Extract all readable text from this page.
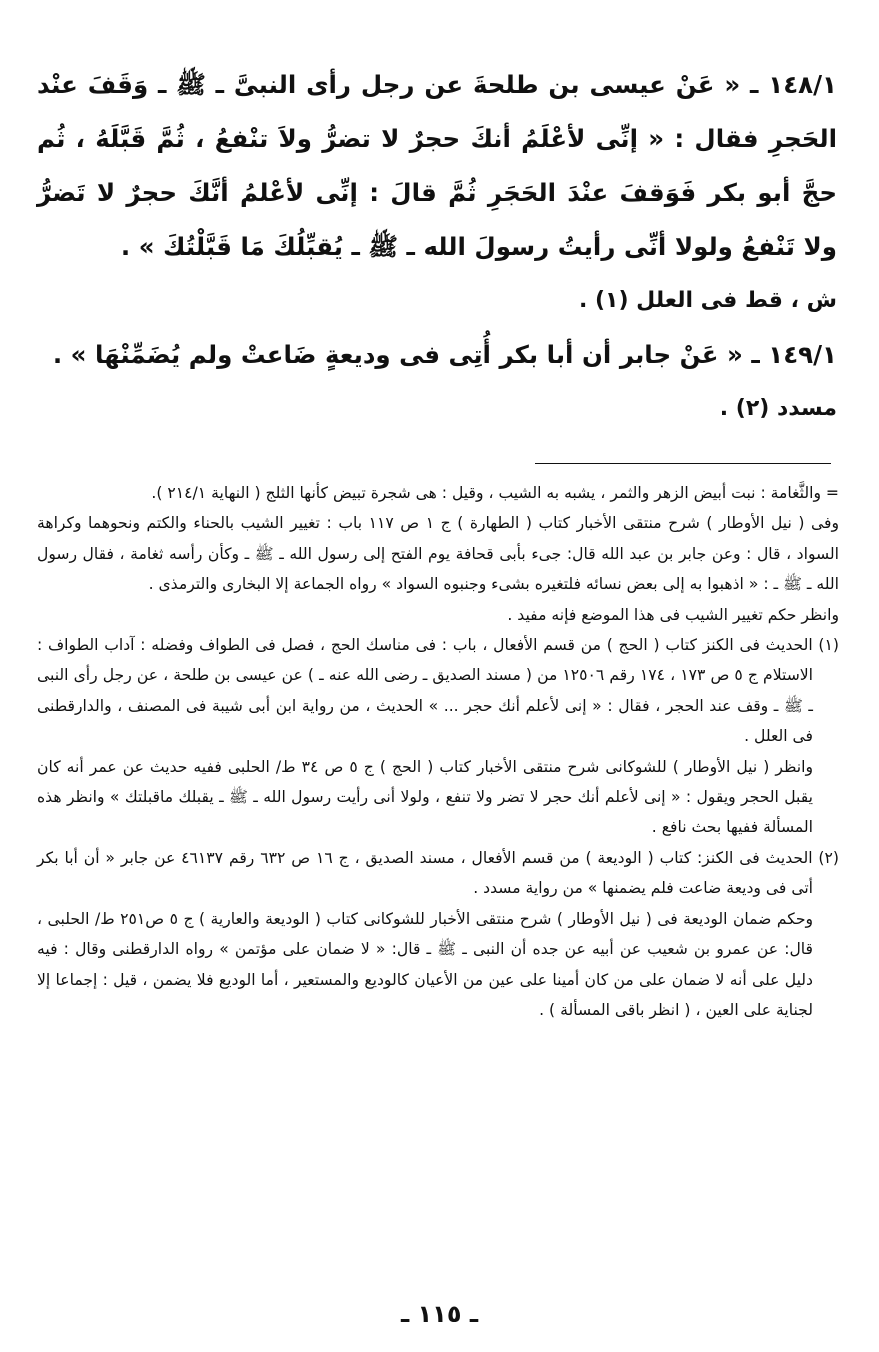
١٤٨/١ ـ « عَنْ عيسى بن طلحةَ عن رجل رأى النبىَّ ـ ﷺ ـ وَقَفَ عنْد الحَجرِ فقال : « إنِّى لأعْلَمُ أنكَ حجرٌ لا تضرُّ ولاَ تنْفعُ ، ثُمَّ قَبَّلَهُ ، ثُم حجَّ أبو بكر فَوَقفَ عنْدَ الحَجَرِ ثُمَّ قالَ : إنِّى لأعْلمُ أنَّكَ حجرٌ لا تَضرُّ ولا تَنْفعُ ولولا أنِّى رأيتُ رسولَ الله ـ ﷺ ـ يُقبِّلُكَ مَا قَبَّلْتُكَ » .

ش ، قط فى العلل (١) .

١٤٩/١ ـ « عَنْ جابر أن أبا بكر أُتِى فى وديعةٍ ضَاعتْ ولم يُضَمِّنْهَا » .

مسدد (٢) .

= والثَّغامة : نبت أبيض الزهر والثمر ، يشبه به الشيب ، وقيل : هى شجرة تبيض كأنها الثلج ( النهاية ٢١٤/١ ).

وفى ( نيل الأوطار ) شرح منتقى الأخبار كتاب ( الطهارة ) ج ١ ص ١١٧ باب : تغيير الشيب بالحناء والكتم ونحوهما وكراهة السواد ، قال : وعن جابر بن عبد الله قال: جىء بأبى قحافة يوم الفتح إلى رسول الله ـ ﷺ ـ وكأن رأسه ثغامة ، فقال رسول الله ـ ﷺ ـ : « اذهبوا به إلى بعض نسائه فلتغيره بشىء وجنبوه السواد » رواه الجماعة إلا البخارى والترمذى .

وانظر حكم تغيير الشيب فى هذا الموضع فإنه مفيد .

(١) الحديث فى الكنز كتاب ( الحج ) من قسم الأفعال ، باب : فى مناسك الحج ، فصل فى الطواف وفضله : آداب الطواف : الاستلام ج ٥ ص ١٧٣ ، ١٧٤ رقم ١٢٥٠٦ من ( مسند الصديق ـ رضى الله عنه ـ ) عن عيسى بن طلحة ، عن رجل رأى النبى ـ ﷺ ـ وقف عند الحجر ، فقال : « إنى لأعلم أنك حجر ... » الحديث ، من رواية ابن أبى شيبة فى المصنف ، والدارقطنى فى العلل .

وانظر ( نيل الأوطار ) للشوكانى شرح منتقى الأخبار كتاب ( الحج ) ج ٥ ص ٣٤ ط/ الحلبى ففيه حديث عن عمر أنه كان يقبل الحجر ويقول : « إنى لأعلم أنك حجر لا تضر ولا تنفع ، ولولا أنى رأيت رسول الله ـ ﷺ ـ يقبلك ماقبلتك » وانظر هذه المسألة ففيها بحث نافع .

(٢) الحديث فى الكنز: كتاب ( الوديعة ) من قسم الأفعال ، مسند الصديق ، ج ١٦ ص ٦٣٢ رقم ٤٦١٣٧ عن جابر « أن أبا بكر أتى فى وديعة ضاعت فلم يضمنها » من رواية مسدد .

وحكم ضمان الوديعة فى ( نيل الأوطار ) شرح منتقى الأخبار للشوكانى كتاب ( الوديعة والعارية ) ج ٥ ص٢٥١ ط/ الحلبى ، قال: عن عمرو بن شعيب عن أبيه عن جده أن النبى ـ ﷺ ـ قال: « لا ضمان على مؤتمن » رواه الدارقطنى وقال : فيه دليل على أنه لا ضمان على من كان أمينا على عين من الأعيان كالوديع والمستعير ، أما الوديع فلا يضمن ، قيل : إجماعا إلا لجناية على العين ، ( انظر باقى المسألة ) .

ـ ١١٥ ـ
